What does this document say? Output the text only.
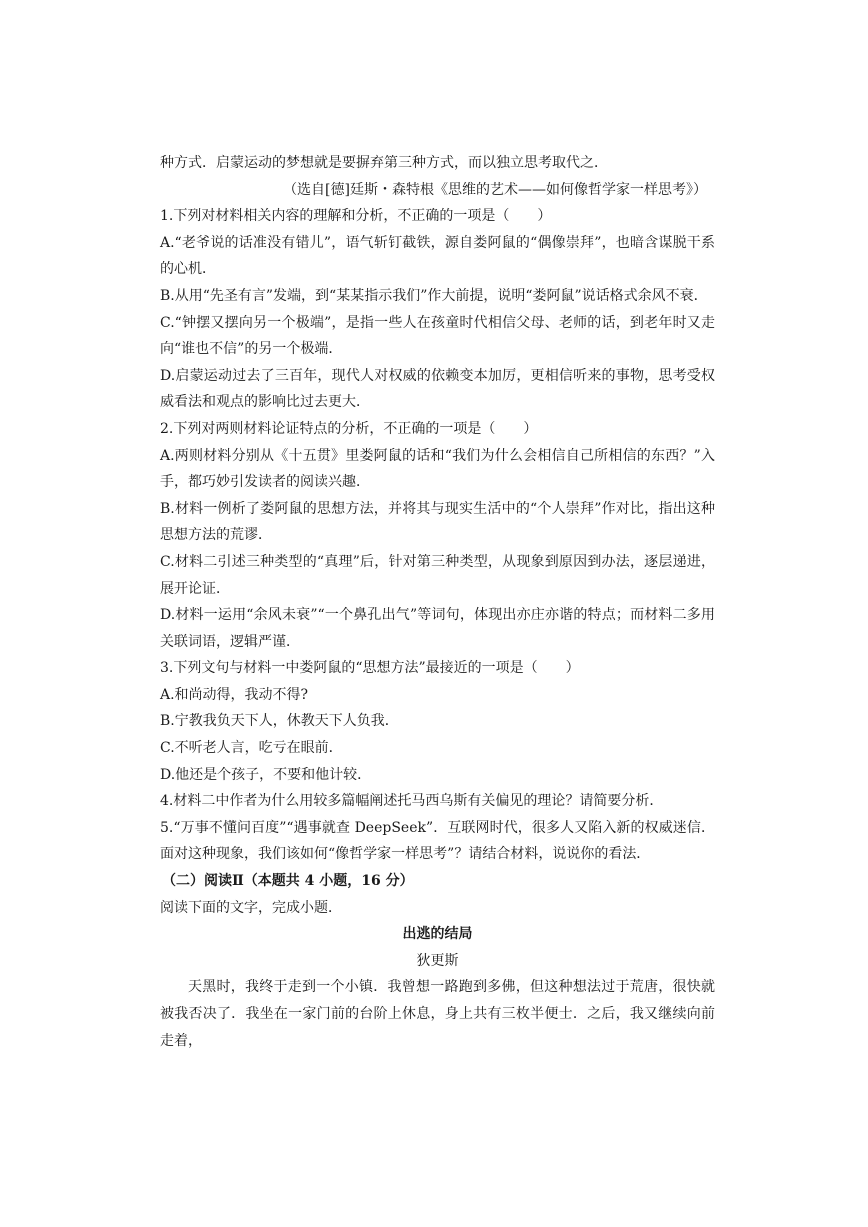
种方式．启蒙运动的梦想就是要摒弃第三种方式，而以独立思考取代之．

（选自[德]廷斯・森特根《思维的艺术——如何像哲学家一样思考》）

1.下列对材料相关内容的理解和分析，不正确的一项是（　　）

A.“老爷说的话准没有错儿”，语气斩钉截铁，源自娄阿鼠的“偶像崇拜”，也暗含谋脱干系的心机．

B.从用“先圣有言”发端，到“某某指示我们”作大前提，说明“娄阿鼠”说话格式余风不衰．

C.“钟摆又摆向另一个极端”，是指一些人在孩童时代相信父母、老师的话，到老年时又走向“谁也不信”的另一个极端．

D.启蒙运动过去了三百年，现代人对权威的依赖变本加厉，更相信听来的事物，思考受权威看法和观点的影响比过去更大．

2.下列对两则材料论证特点的分析，不正确的一项是（　　）

A.两则材料分别从《十五贯》里娄阿鼠的话和“我们为什么会相信自己所相信的东西？”入手，都巧妙引发读者的阅读兴趣．

B.材料一例析了娄阿鼠的思想方法，并将其与现实生活中的“个人崇拜”作对比，指出这种思想方法的荒谬．

C.材料二引述三种类型的“真理”后，针对第三种类型，从现象到原因到办法，逐层递进，展开论证．

D.材料一运用“余风未衰”“一个鼻孔出气”等词句，体现出亦庄亦谐的特点；而材料二多用关联词语，逻辑严谨．

3.下列文句与材料一中娄阿鼠的“思想方法”最接近的一项是（　　）

A.和尚动得，我动不得?

B.宁教我负天下人，休教天下人负我．

C.不听老人言，吃亏在眼前．

D.他还是个孩子，不要和他计较．

4.材料二中作者为什么用较多篇幅阐述托马西乌斯有关偏见的理论？请简要分析．

5.“万事不懂问百度”“遇事就查 DeepSeek”．互联网时代，很多人又陷入新的权威迷信．面对这种现象，我们该如何“像哲学家一样思考”？请结合材料，说说你的看法．

（二）阅读Ⅱ（本题共 4 小题，16 分）

阅读下面的文字，完成小题．

出逃的结局

狄更斯

天黑时，我终于走到一个小镇．我曾想一路跑到多佛，但这种想法过于荒唐，很快就被我否决了．我坐在一家门前的台阶上休息，身上共有三枚半便士．之后，我又继续向前走着，
